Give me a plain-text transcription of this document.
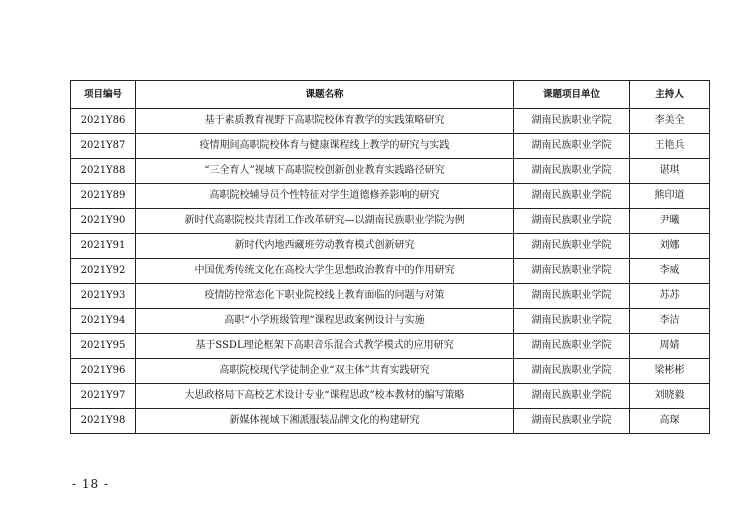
项目编号	课题名称	课题项目单位	主持人
2021Y86	基于素质教育视野下高职院校体育教学的实践策略研究	湖南民族职业学院	李美全
2021Y87	疫情期间高职院校体育与健康课程线上教学的研究与实践	湖南民族职业学院	王艳兵
2021Y88	“三全育人”视域下高职院校创新创业教育实践路径研究	湖南民族职业学院	谌琪
2021Y89	高职院校辅导员个性特征对学生道德修养影响的研究	湖南民族职业学院	熊印道
2021Y90	新时代高职院校共青团工作改革研究—以湖南民族职业学院为例	湖南民族职业学院	尹曦
2021Y91	新时代内地西藏班劳动教育模式创新研究	湖南民族职业学院	刘娜
2021Y92	中国优秀传统文化在高校大学生思想政治教育中的作用研究	湖南民族职业学院	李威
2021Y93	疫情防控常态化下职业院校线上教育面临的问题与对策	湖南民族职业学院	苏苏
2021Y94	高职“小学班级管理”课程思政案例设计与实施	湖南民族职业学院	李洁
2021Y95	基于SSDL理论框架下高职音乐混合式教学模式的应用研究	湖南民族职业学院	周婧
2021Y96	高职院校现代学徒制企业“双主体”共育实践研究	湖南民族职业学院	梁彬彬
2021Y97	大思政格局下高校艺术设计专业“课程思政”校本教材的编写策略	湖南民族职业学院	刘晓毅
2021Y98	新媒体视域下湘派服装品牌文化的构建研究	湖南民族职业学院	高琛
- 18 -
